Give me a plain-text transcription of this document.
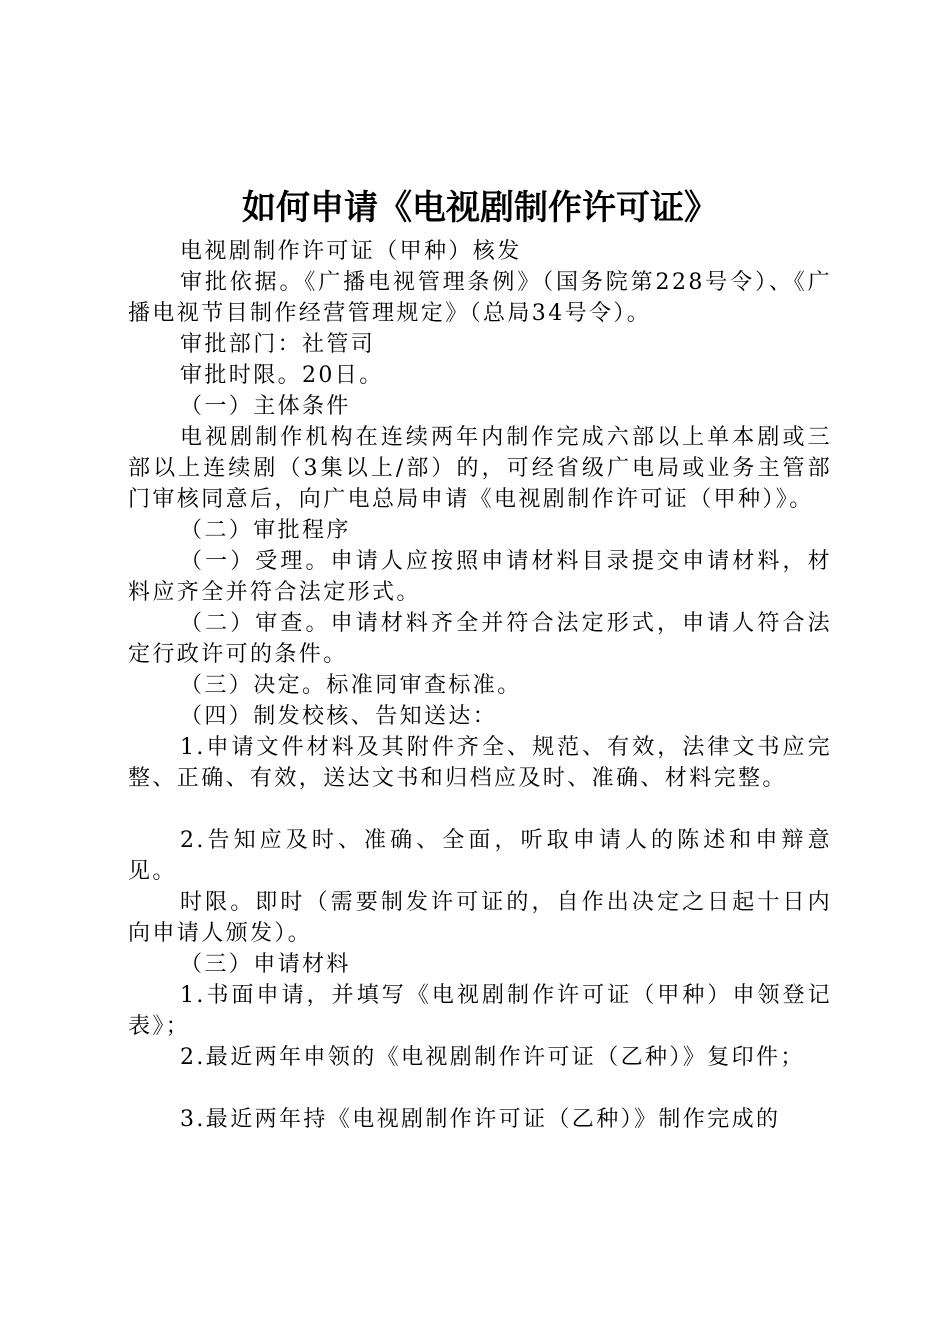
如何申请《电视剧制作许可证》

电视剧制作许可证（甲种）核发

审批依据。《广播电视管理条例》（国务院第228号令）、《广播电视节目制作经营管理规定》（总局34号令）。

审批部门：社管司

审批时限。20日。

（一）主体条件

电视剧制作机构在连续两年内制作完成六部以上单本剧或三部以上连续剧（3集以上/部）的，可经省级广电局或业务主管部门审核同意后，向广电总局申请《电视剧制作许可证（甲种）》。

（二）审批程序

（一）受理。申请人应按照申请材料目录提交申请材料，材料应齐全并符合法定形式。

（二）审查。申请材料齐全并符合法定形式，申请人符合法定行政许可的条件。

（三）决定。标准同审查标准。

（四）制发校核、告知送达：

1.申请文件材料及其附件齐全、规范、有效，法律文书应完整、正确、有效，送达文书和归档应及时、准确、材料完整。

2.告知应及时、准确、全面，听取申请人的陈述和申辩意见。

时限。即时（需要制发许可证的，自作出决定之日起十日内向申请人颁发）。

（三）申请材料

1.书面申请，并填写《电视剧制作许可证（甲种）申领登记表》；

2.最近两年申领的《电视剧制作许可证（乙种）》复印件；

3.最近两年持《电视剧制作许可证（乙种）》制作完成的
